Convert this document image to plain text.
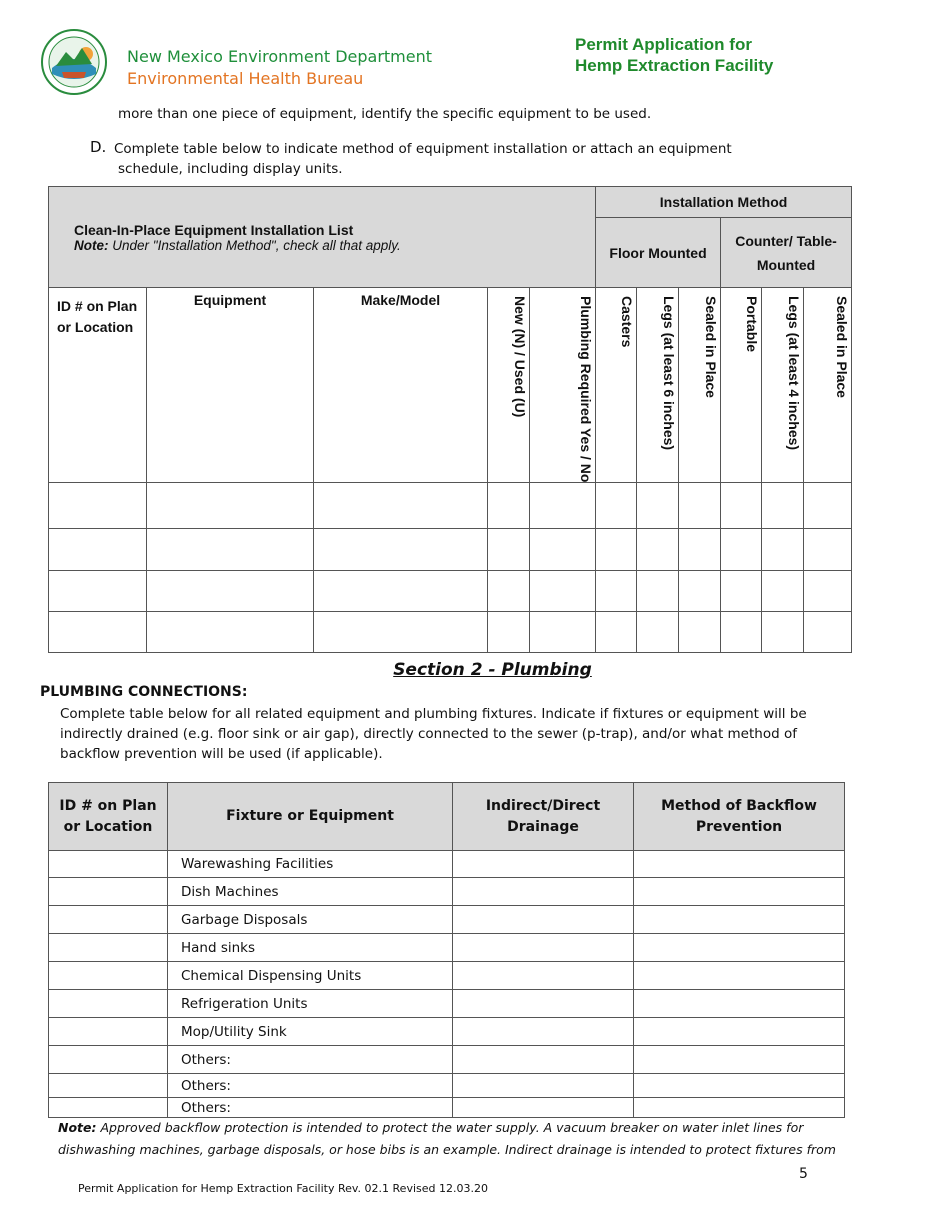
New Mexico Environment Department
Environmental Health Bureau
Permit Application for
Hemp Extraction Facility
more than one piece of equipment, identify the specific equipment to be used.
D. Complete table below to indicate method of equipment installation or attach an equipment
schedule, including display units.
Clean-In-Place Equipment Installation List
Note: Under "Installation Method", check all that apply.					Installation Method					
					Floor Mounted			Counter/ Table- Mounted		
ID # on Plan or Location	Equipment	Make/Model	New (N) / Used (U)	Plumbing Required Yes / No	Casters	Legs (at least 6 inches)	Sealed in Place	Portable	Legs (at least 4 inches)	Sealed in Place

Section 2 - Plumbing
PLUMBING CONNECTIONS:
Complete table below for all related equipment and plumbing fixtures. Indicate if fixtures or equipment will be indirectly drained (e.g. floor sink or air gap), directly connected to the sewer (p-trap), and/or what method of backflow prevention will be used (if applicable).
ID # on Plan or Location	Fixture or Equipment	Indirect/Direct Drainage	Method of Backflow Prevention
	Warewashing Facilities		
	Dish Machines		
	Garbage Disposals		
	Hand sinks		
	Chemical Dispensing Units		
	Refrigeration Units		
	Mop/Utility Sink		
	Others:		
	Others:		
	Others:		
Note: Approved backflow protection is intended to protect the water supply. A vacuum breaker on water inlet lines for dishwashing machines, garbage disposals, or hose bibs is an example. Indirect drainage is intended to protect fixtures from
5
Permit Application for Hemp Extraction Facility Rev. 02.1 Revised 12.03.20
